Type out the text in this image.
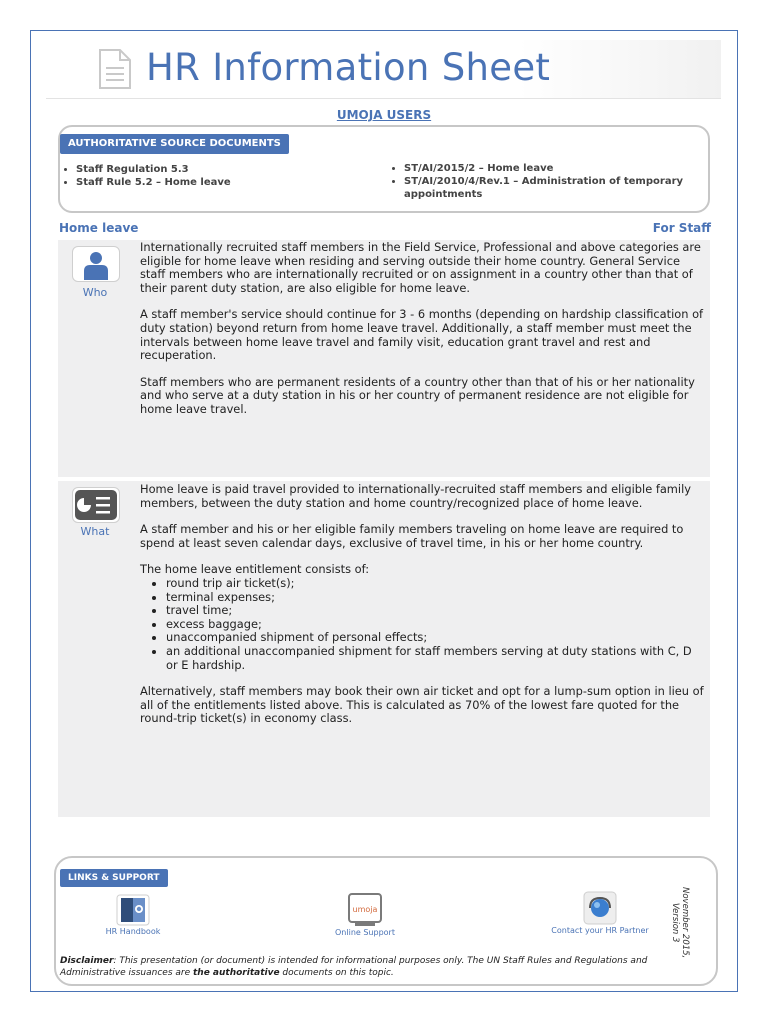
HR Information Sheet
UMOJA USERS
AUTHORITATIVE SOURCE DOCUMENTS
• Staff Regulation 5.3
• Staff Rule 5.2 – Home leave
• ST/AI/2015/2 – Home leave
• ST/AI/2010/4/Rev.1 – Administration of temporary appointments
Home leave	For Staff
Who

Internationally recruited staff members in the Field Service, Professional and above categories are eligible for home leave when residing and serving outside their home country. General Service staff members who are internationally recruited or on assignment in a country other than that of their parent duty station, are also eligible for home leave.

A staff member's service should continue for 3 - 6 months (depending on hardship classification of duty station) beyond return from home leave travel. Additionally, a staff member must meet the intervals between home leave travel and family visit, education grant travel and rest and recuperation.

Staff members who are permanent residents of a country other than that of his or her nationality and who serve at a duty station in his or her country of permanent residence are not eligible for home leave travel.

What

Home leave is paid travel provided to internationally-recruited staff members and eligible family members, between the duty station and home country/recognized place of home leave.

A staff member and his or her eligible family members traveling on home leave are required to spend at least seven calendar days, exclusive of travel time, in his or her home country.

The home leave entitlement consists of:

• round trip air ticket(s);
• terminal expenses;
• travel time;
• excess baggage;
• unaccompanied shipment of personal effects;
• an additional unaccompanied shipment for staff members serving at duty stations with C, D or E hardship.

Alternatively, staff members may book their own air ticket and opt for a lump-sum option in lieu of all of the entitlements listed above. This is calculated as 70% of the lowest fare quoted for the round-trip ticket(s) in economy class.

LINKS & SUPPORT
HR Handbook
umoja
Online Support	Contact your HR Partner	November 2015,
Version 3
Disclaimer: This presentation (or document) is intended for informational purposes only. The UN Staff Rules and Regulations and Administrative issuances are the authoritative documents on this topic.
